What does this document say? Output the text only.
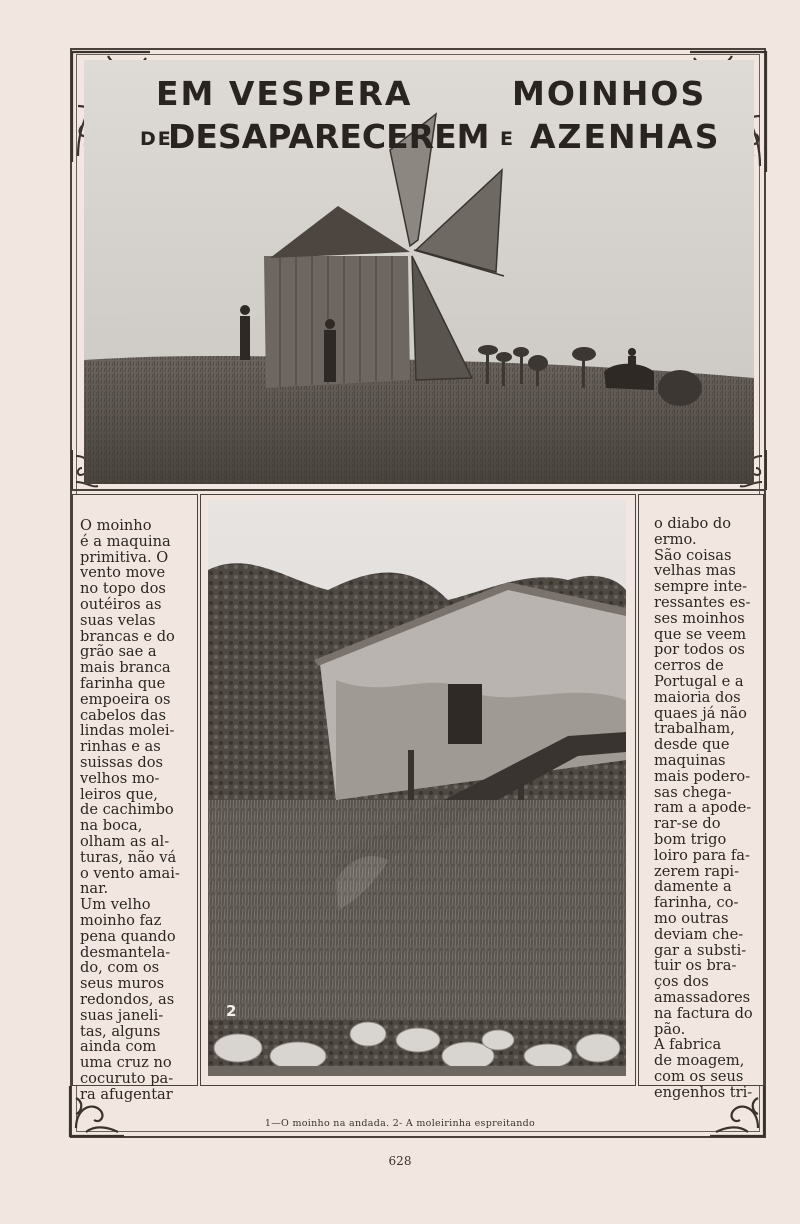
EM VESPERA
DE
DESAPARECEREM
MOINHOS
E AZENHAS
O moinho
é a maquina
primitiva. O
vento move
no topo dos
outéiros as
suas velas
brancas e do
grão sae a
mais branca
farinha que
empoeira os
cabelos das
lindas molei-
rinhas e as
suissas dos
velhos mo-
leiros que,
de cachimbo
na boca,
olham as al-
turas, não vá
o vento amai-
nar.
Um velho
moinho faz
pena quando
desmantela-
do, com os
seus muros
redondos, as
suas janeli-
tas, alguns
ainda com
uma cruz no
cocuruto pa-
ra afugentar
2
o diabo do
ermo.
São coisas
velhas mas
sempre inte-
ressantes es-
ses moinhos
que se veem
por todos os
cerros de
Portugal e a
maioria dos
quaes já não
trabalham,
desde que
maquinas
mais podero-
sas chega-
ram a apode-
rar-se do
bom trigo
loiro para fa-
zerem rapi-
damente a
farinha, co-
mo outras
deviam che-
gar a substi-
tuir os bra-
ços dos
amassadores
na factura do
pão.
A fabrica
de moagem,
com os seus
engenhos tri-
1—O moinho na andada. 2- A moleirinha espreitando
628
